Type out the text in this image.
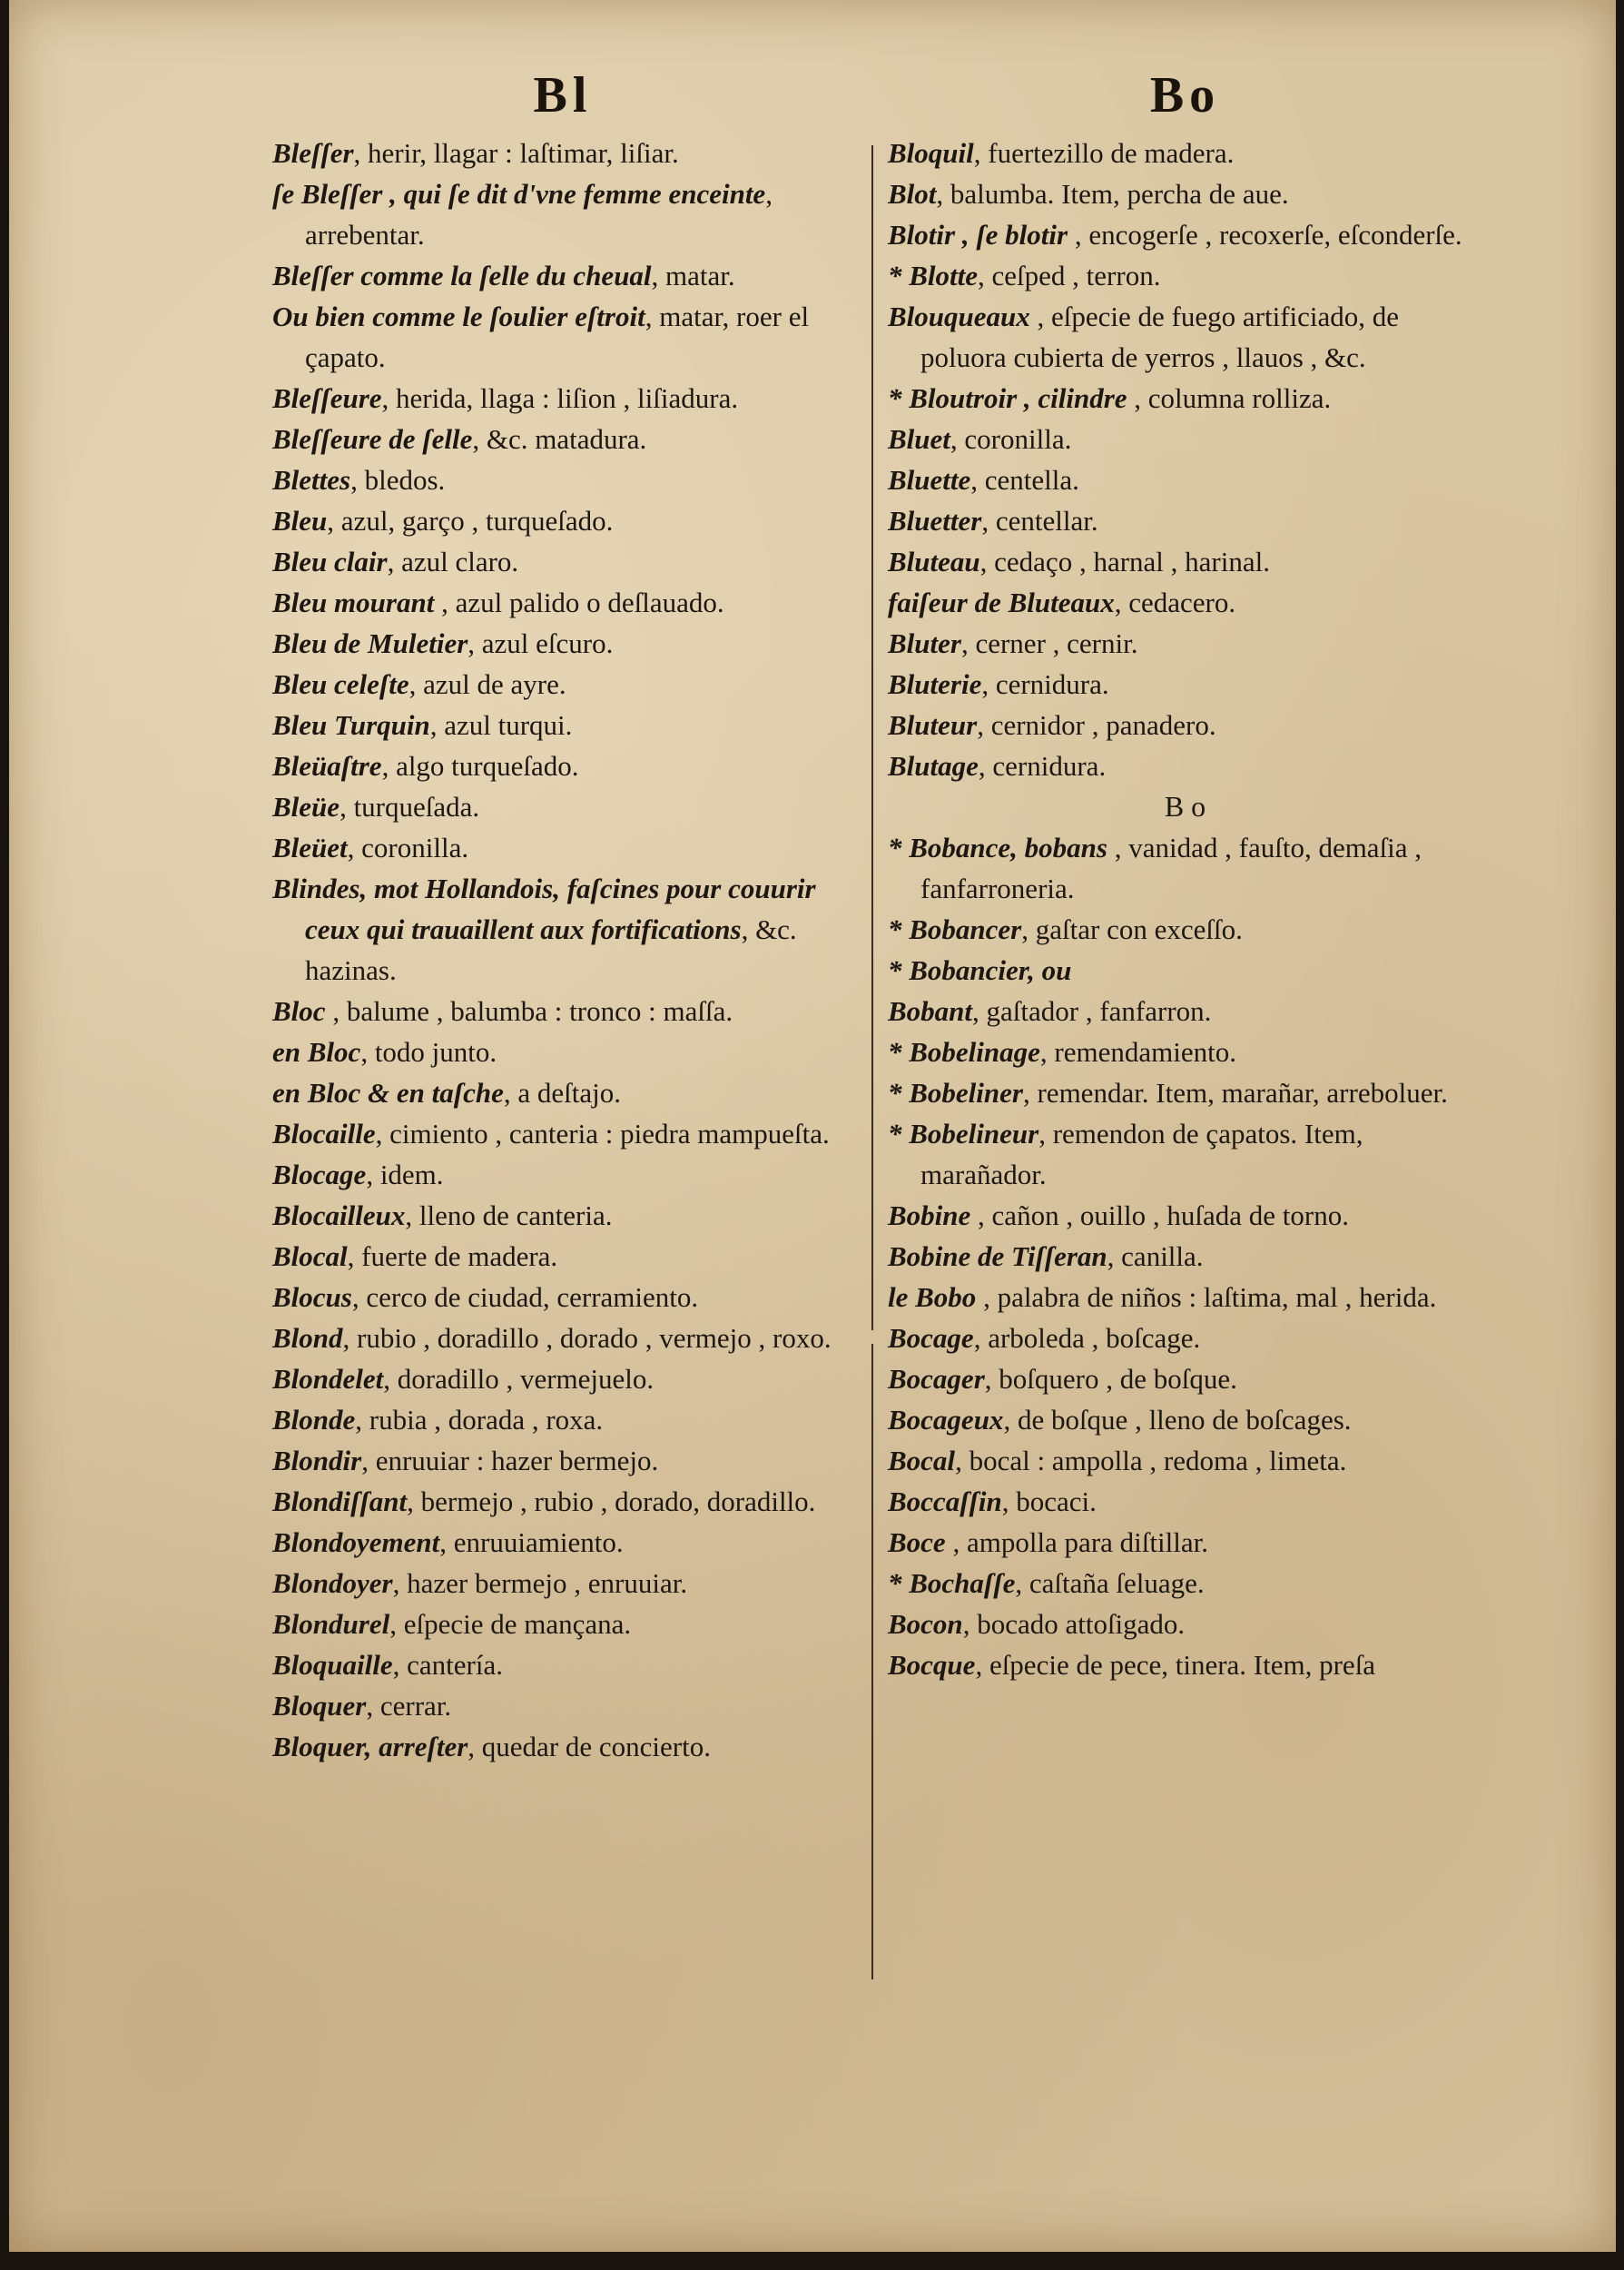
Bl

Bleſſer, herir, llagar : laſtimar, liſiar.

ſe Bleſſer , qui ſe dit d'vne femme enceinte, arrebentar.

Bleſſer comme la ſelle du cheual, matar.

Ou bien comme le ſoulier eſtroit, matar, roer el çapato.

Bleſſeure, herida, llaga : liſion , liſiadura.

Bleſſeure de ſelle, &c. matadura.

Blettes, bledos.

Bleu, azul, garço , turqueſado.

Bleu clair, azul claro.

Bleu mourant , azul palido o deſlauado.

Bleu de Muletier, azul eſcuro.

Bleu celeſte, azul de ayre.

Bleu Turquin, azul turqui.

Bleüaſtre, algo turqueſado.

Bleüe, turqueſada.

Bleüet, coronilla.

Blindes, mot Hollandois, faſcines pour couurir ceux qui trauaillent aux fortifications, &c. hazinas.

Bloc , balume , balumba : tronco : maſſa.

en Bloc, todo junto.

en Bloc & en taſche, a deſtajo.

Blocaille, cimiento , canteria : piedra mampueſta.

Blocage, idem.

Blocailleux, lleno de canteria.

Blocal, fuerte de madera.

Blocus, cerco de ciudad, cerramiento.

Blond, rubio , doradillo , dorado , vermejo , roxo.

Blondelet, doradillo , vermejuelo.

Blonde, rubia , dorada , roxa.

Blondir, enruuiar : hazer bermejo.

Blondiſſant, bermejo , rubio , dorado, doradillo.

Blondoyement, enruuiamiento.

Blondoyer, hazer bermejo , enruuiar.

Blondurel, eſpecie de mançana.

Bloquaille, cantería.

Bloquer, cerrar.

Bloquer, arreſter, quedar de concierto.

Bo

Bloquil, fuertezillo de madera.

Blot, balumba. Item, percha de aue.

Blotir , ſe blotir , encogerſe , recoxerſe, eſconderſe.

* Blotte, ceſped , terron.

Blouqueaux , eſpecie de fuego artificiado, de poluora cubierta de yerros , llauos , &c.

* Bloutroir , cilindre , columna rolliza.

Bluet, coronilla.

Bluette, centella.

Bluetter, centellar.

Bluteau, cedaço , harnal , harinal.

faiſeur de Bluteaux, cedacero.

Bluter, cerner , cernir.

Bluterie, cernidura.

Bluteur, cernidor , panadero.

Blutage, cernidura.

B o

* Bobance, bobans , vanidad , fauſto, demaſia , fanfarroneria.

* Bobancer, gaſtar con exceſſo.

* Bobancier, ou

Bobant, gaſtador , fanfarron.

* Bobelinage, remendamiento.

* Bobeliner, remendar. Item, marañar, arreboluer.

* Bobelineur, remendon de çapatos. Item, marañador.

Bobine , cañon , ouillo , huſada de torno.

Bobine de Tiſſeran, canilla.

le Bobo , palabra de niños : laſtima, mal , herida.

Bocage, arboleda , boſcage.

Bocager, boſquero , de boſque.

Bocageux, de boſque , lleno de boſcages.

Bocal, bocal : ampolla , redoma , limeta.

Boccaſſin, bocaci.

Boce , ampolla para diſtillar.

* Bochaſſe, caſtaña ſeluage.

Bocon, bocado attoſigado.

Bocque, eſpecie de pece, tinera. Item, preſa
